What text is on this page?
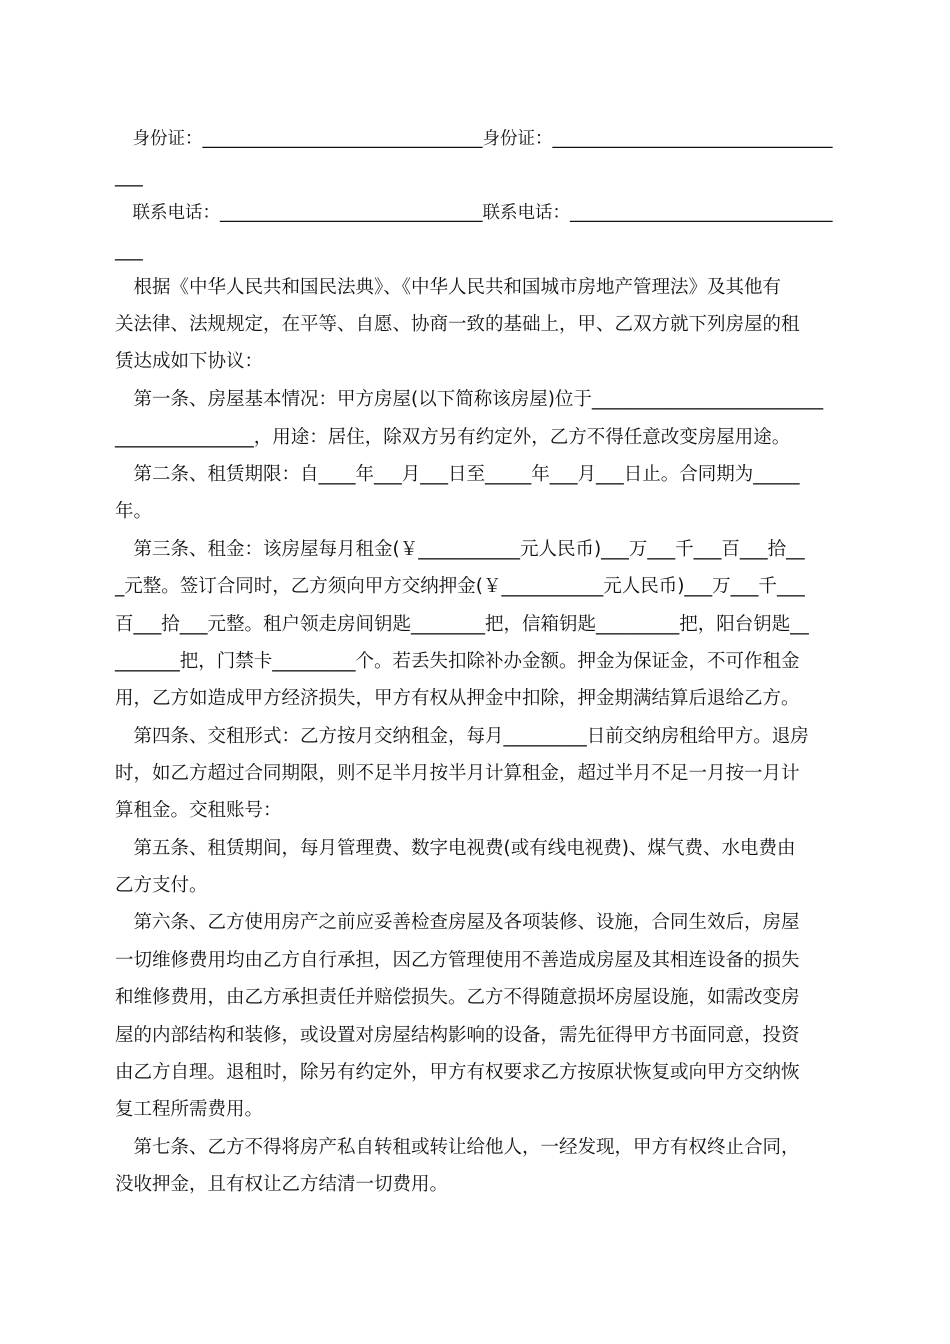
　身份证：________________________________身份证：________________________________
___
　联系电话：______________________________联系电话：______________________________
___
　根据《中华人民共和国民法典》、《中华人民共和国城市房地产管理法》及其他有
关法律、法规规定，在平等、自愿、协商一致的基础上，甲、乙双方就下列房屋的租
赁达成如下协议：
　第一条、房屋基本情况：甲方房屋(以下简称该房屋)位于_________________________
_______________，用途：居住，除双方另有约定外，乙方不得任意改变房屋用途。
　第二条、租赁期限：自____年___月___日至_____年___月___日止。合同期为_____
年。
　第三条、租金：该房屋每月租金(￥___________元人民币)___万___千___百___拾__
_元整。签订合同时，乙方须向甲方交纳押金(￥___________元人民币)___万___千___
百___拾___元整。租户领走房间钥匙________把，信箱钥匙_________把，阳台钥匙__
_______把，门禁卡_________个。若丢失扣除补办金额。押金为保证金，不可作租金
用，乙方如造成甲方经济损失，甲方有权从押金中扣除，押金期满结算后退给乙方。
　第四条、交租形式：乙方按月交纳租金，每月_________日前交纳房租给甲方。退房
时，如乙方超过合同期限，则不足半月按半月计算租金，超过半月不足一月按一月计
算租金。交租账号：
　第五条、租赁期间，每月管理费、数字电视费(或有线电视费)、煤气费、水电费由
乙方支付。
　第六条、乙方使用房产之前应妥善检查房屋及各项装修、设施，合同生效后，房屋
一切维修费用均由乙方自行承担，因乙方管理使用不善造成房屋及其相连设备的损失
和维修费用，由乙方承担责任并赔偿损失。乙方不得随意损坏房屋设施，如需改变房
屋的内部结构和装修，或设置对房屋结构影响的设备，需先征得甲方书面同意，投资
由乙方自理。退租时，除另有约定外，甲方有权要求乙方按原状恢复或向甲方交纳恢
复工程所需费用。
　第七条、乙方不得将房产私自转租或转让给他人，一经发现，甲方有权终止合同，
没收押金，且有权让乙方结清一切费用。
